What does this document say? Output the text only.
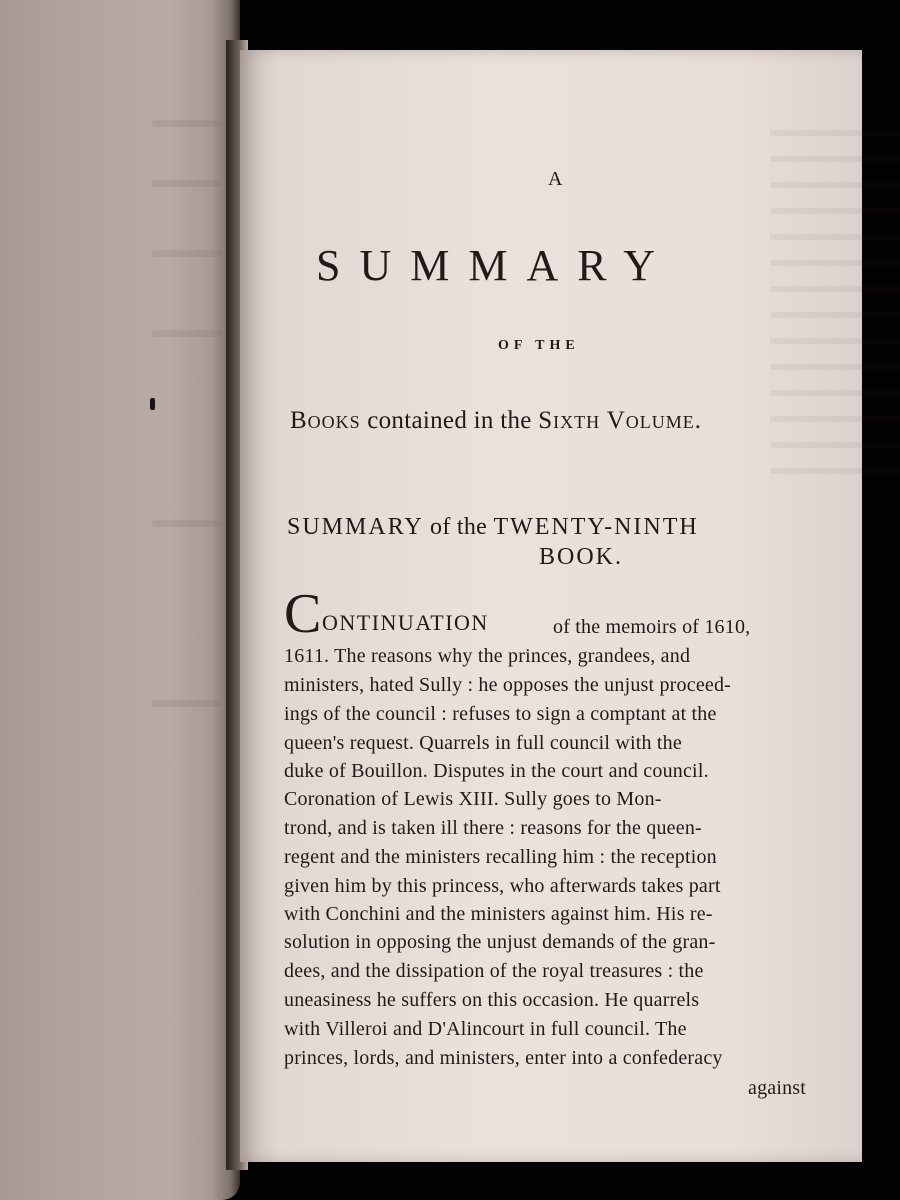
A
SUMMARY
OF THE
Books contained in the Sixth Volume.
SUMMARY of the TWENTY-NINTH
BOOK.
C ONTINUATION	of the memoirs of 1610,
1611. The reasons why the princes, grandees, and
ministers, hated Sully : he opposes the unjust proceed-
ings of the council : refuses to sign a comptant at the
queen's request. Quarrels in full council with the
duke of Bouillon. Disputes in the court and council.
Coronation of Lewis XIII. Sully goes to Mon-
trond, and is taken ill there : reasons for the queen-
regent and the ministers recalling him : the reception
given him by this princess, who afterwards takes part
with Conchini and the ministers against him. His re-
solution in opposing the unjust demands of the gran-
dees, and the dissipation of the royal treasures : the
uneasiness he suffers on this occasion. He quarrels
with Villeroi and D'Alincourt in full council. The
princes, lords, and ministers, enter into a confederacy
against
